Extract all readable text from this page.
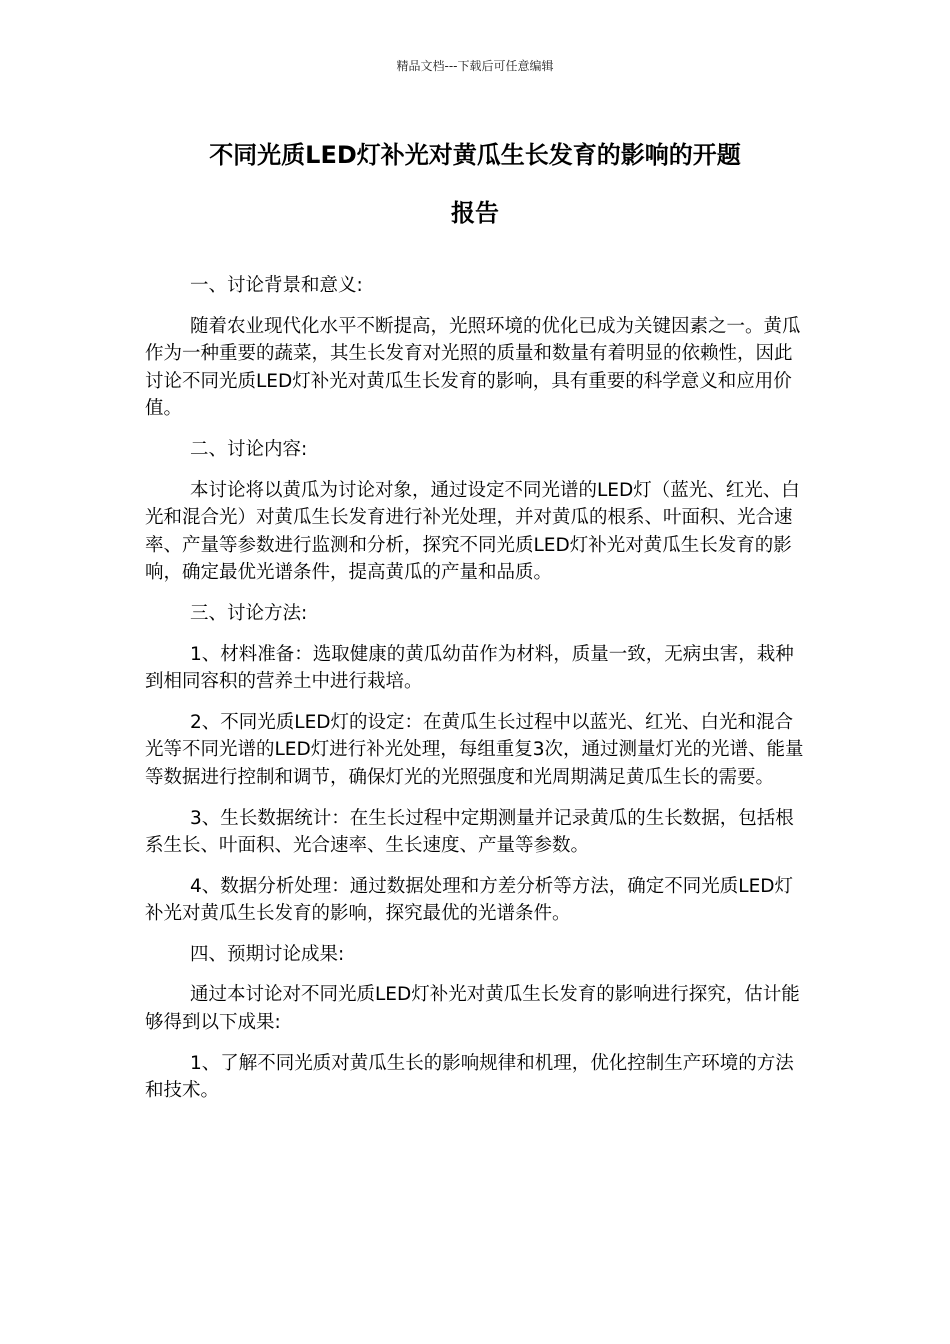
精品文档---下载后可任意编辑
不同光质LED灯补光对黄瓜生长发育的影响的开题
报告

一、讨论背景和意义:

随着农业现代化水平不断提高，光照环境的优化已成为关键因素之一。黄瓜作为一种重要的蔬菜，其生长发育对光照的质量和数量有着明显的依赖性，因此讨论不同光质LED灯补光对黄瓜生长发育的影响，具有重要的科学意义和应用价值。

二、讨论内容:

本讨论将以黄瓜为讨论对象，通过设定不同光谱的LED灯（蓝光、红光、白光和混合光）对黄瓜生长发育进行补光处理，并对黄瓜的根系、叶面积、光合速率、产量等参数进行监测和分析，探究不同光质LED灯补光对黄瓜生长发育的影响，确定最优光谱条件，提高黄瓜的产量和品质。

三、讨论方法:

1、材料准备：选取健康的黄瓜幼苗作为材料，质量一致，无病虫害，栽种到相同容积的营养土中进行栽培。

2、不同光质LED灯的设定：在黄瓜生长过程中以蓝光、红光、白光和混合光等不同光谱的LED灯进行补光处理，每组重复3次，通过测量灯光的光谱、能量等数据进行控制和调节，确保灯光的光照强度和光周期满足黄瓜生长的需要。

3、生长数据统计：在生长过程中定期测量并记录黄瓜的生长数据，包括根系生长、叶面积、光合速率、生长速度、产量等参数。

4、数据分析处理：通过数据处理和方差分析等方法，确定不同光质LED灯补光对黄瓜生长发育的影响，探究最优的光谱条件。

四、预期讨论成果:

通过本讨论对不同光质LED灯补光对黄瓜生长发育的影响进行探究，估计能够得到以下成果:

1、了解不同光质对黄瓜生长的影响规律和机理，优化控制生产环境的方法和技术。
